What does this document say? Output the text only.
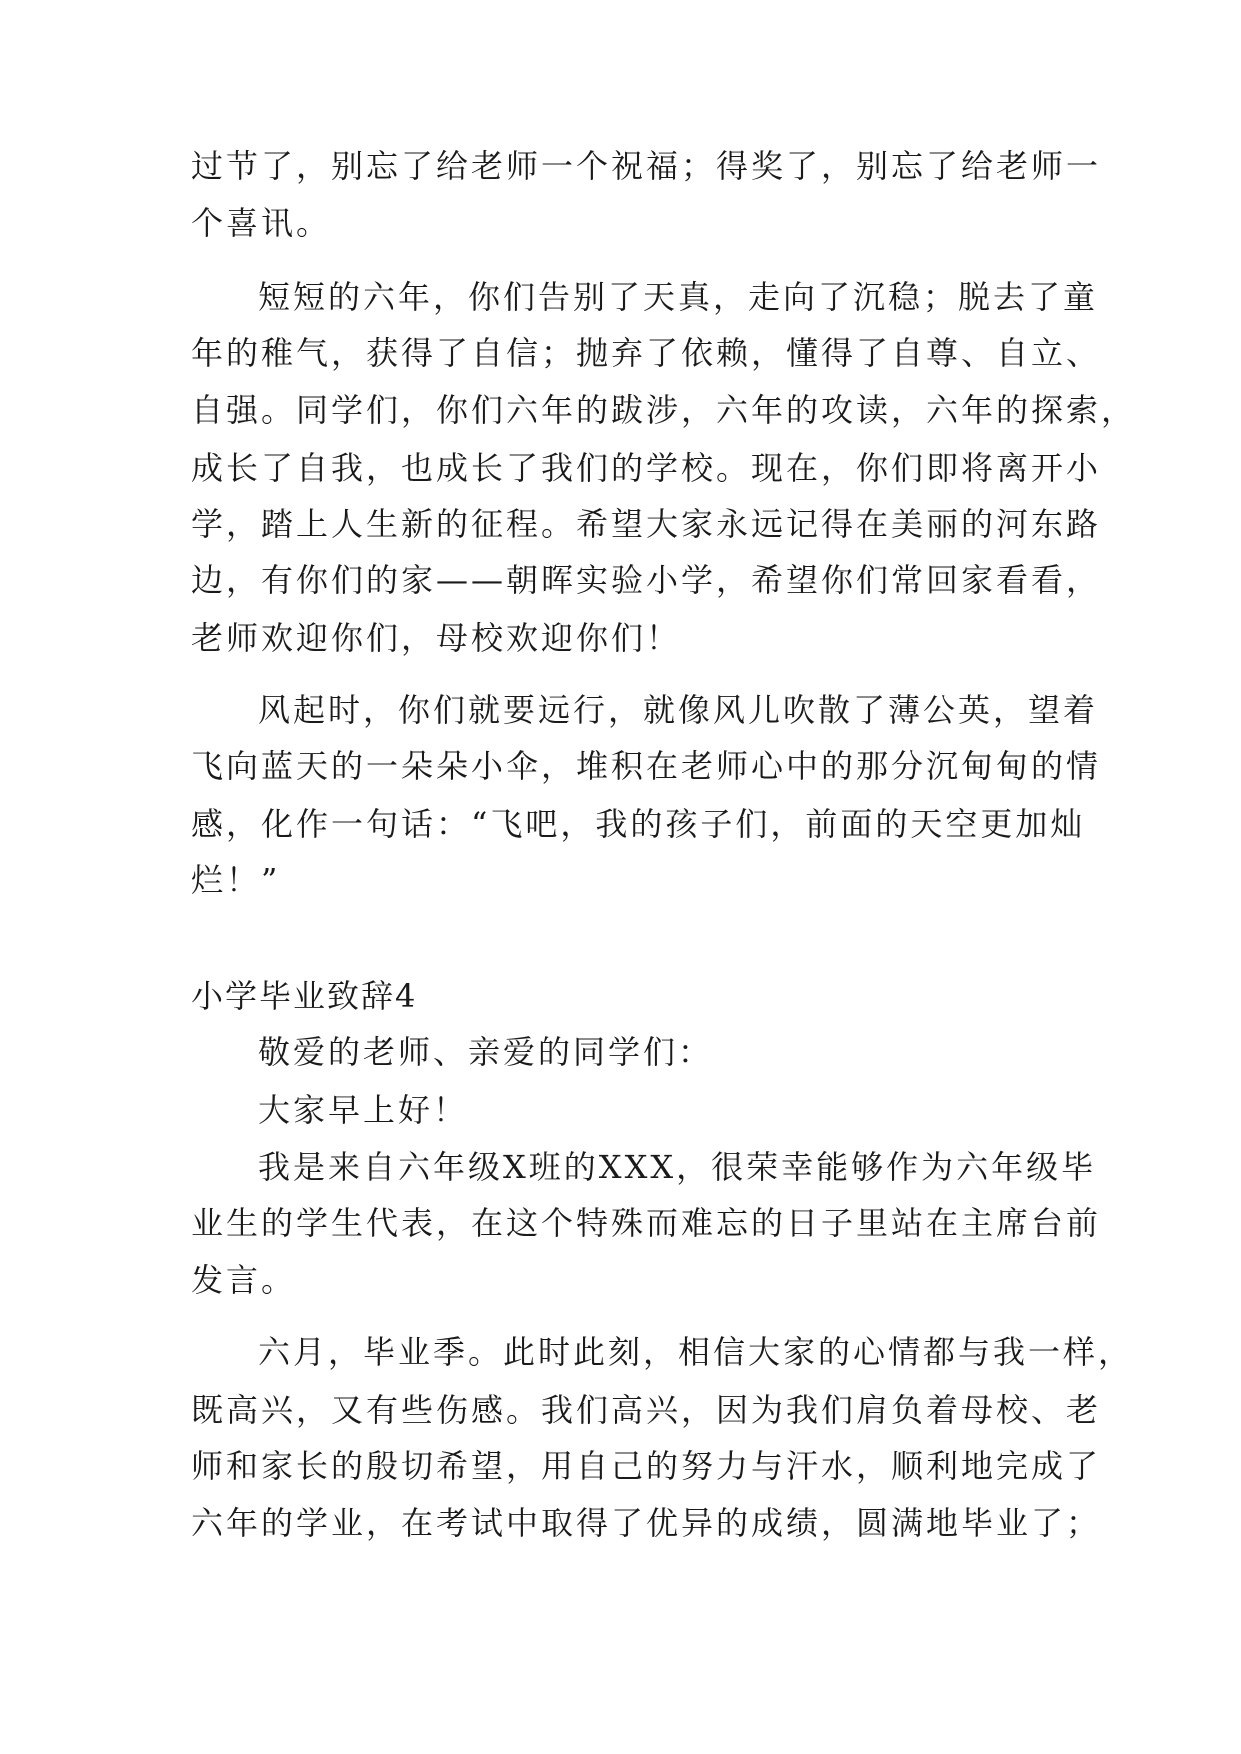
过节了，别忘了给老师一个祝福；得奖了，别忘了给老师一
个喜讯。
短短的六年，你们告别了天真，走向了沉稳；脱去了童
年的稚气，获得了自信；抛弃了依赖，懂得了自尊、自立、
自强。同学们，你们六年的跋涉，六年的攻读，六年的探索，
成长了自我，也成长了我们的学校。现在，你们即将离开小
学，踏上人生新的征程。希望大家永远记得在美丽的河东路
边，有你们的家——朝晖实验小学，希望你们常回家看看，
老师欢迎你们，母校欢迎你们！
风起时，你们就要远行，就像风儿吹散了薄公英，望着
飞向蓝天的一朵朵小伞，堆积在老师心中的那分沉甸甸的情
感，化作一句话：“飞吧，我的孩子们，前面的天空更加灿
烂！”
小学毕业致辞4
敬爱的老师、亲爱的同学们：
大家早上好！
我是来自六年级X班的XXX，很荣幸能够作为六年级毕
业生的学生代表，在这个特殊而难忘的日子里站在主席台前
发言。
六月，毕业季。此时此刻，相信大家的心情都与我一样，
既高兴，又有些伤感。我们高兴，因为我们肩负着母校、老
师和家长的殷切希望，用自己的努力与汗水，顺利地完成了
六年的学业，在考试中取得了优异的成绩，圆满地毕业了；
